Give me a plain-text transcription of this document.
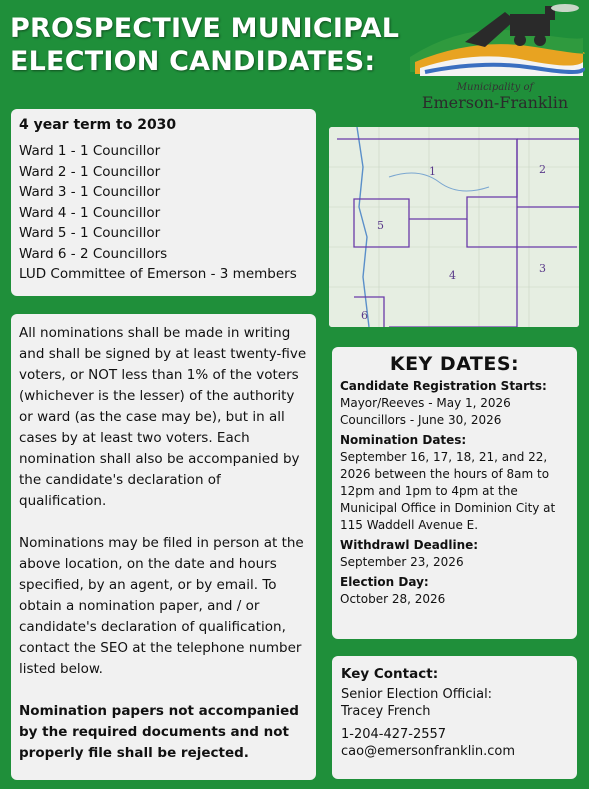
PROSPECTIVE MUNICIPAL
ELECTION CANDIDATES:
Municipality of
Emerson-Franklin
4 year term to 2030
Ward 1 - 1 Councillor
Ward 2 - 1 Councillor
Ward 3 - 1 Councillor
Ward 4 - 1 Councillor
Ward 5 - 1 Councillor
Ward 6 - 2 Councillors
LUD Committee of Emerson - 3 members

All nominations shall be made in writing and shall be signed by at least twenty-five voters, or NOT less than 1% of the voters (whichever is the lesser) of the authority or ward (as the case may be), but in all cases by at least two voters. Each nomination shall also be accompanied by the candidate's declaration of qualification.

Nominations may be filed in person at the above location, on the date and hours specified, by an agent, or by email. To obtain a nomination paper, and / or candidate's declaration of qualification, contact the SEO at the telephone number listed below.

Nomination papers not accompanied by the required documents and not properly file shall be rejected.

1	2
3
4
5
6
KEY DATES:
Candidate Registration Starts:
Mayor/Reeves - May 1, 2026
Councillors - June 30, 2026
Nomination Dates:
September 16, 17, 18, 21, and 22, 2026 between the hours of 8am to 12pm and 1pm to 4pm at the Municipal Office in Dominion City at 115 Waddell Avenue E.
Withdrawl Deadline:
September 23, 2026
Election Day:
October 28, 2026
Key Contact:
Senior Election Official:
Tracey French
1-204-427-2557
cao@emersonfranklin.com
